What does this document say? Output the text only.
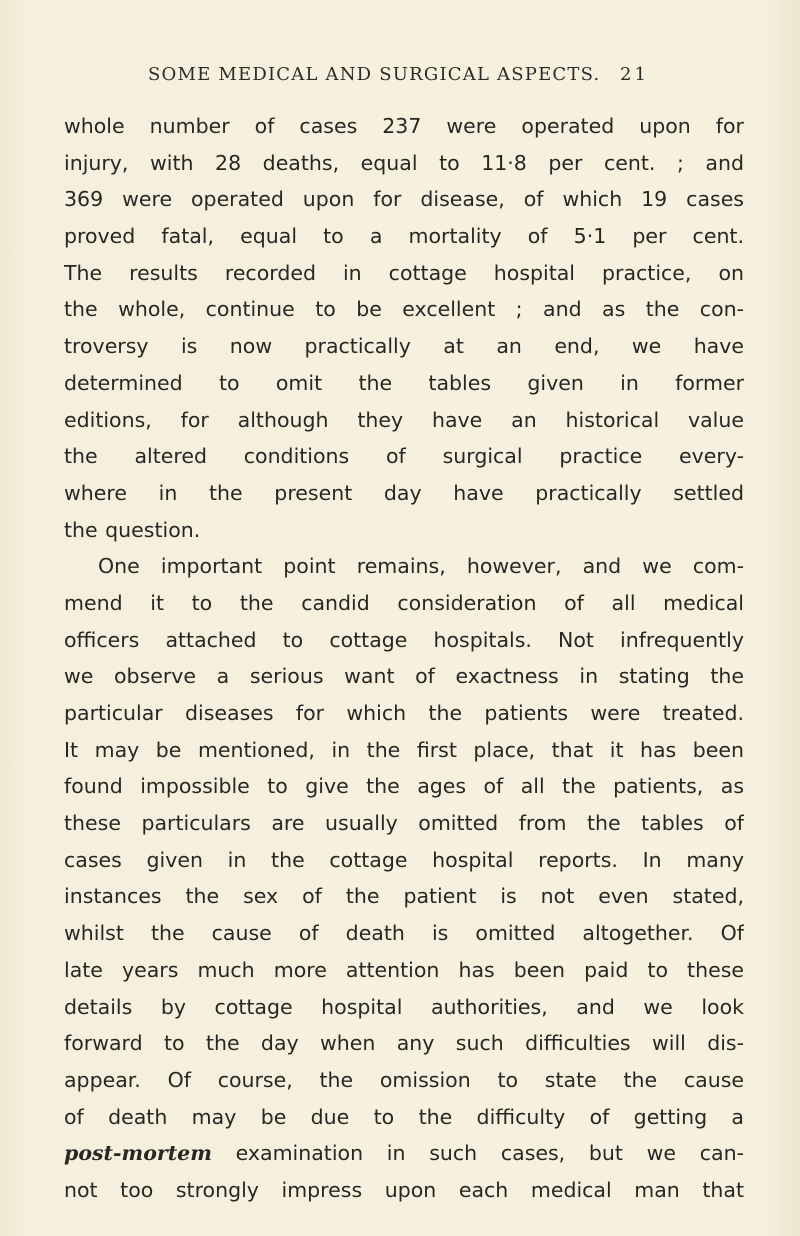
SOME MEDICAL AND SURGICAL ASPECTS. 21
whole number of cases 237 were operated upon for
injury, with 28 deaths, equal to 11·8 per cent. ; and
369 were operated upon for disease, of which 19 cases
proved fatal, equal to a mortality of 5·1 per cent.
The results recorded in cottage hospital practice, on
the whole, continue to be excellent ; and as the con-
troversy is now practically at an end, we have
determined to omit the tables given in former
editions, for although they have an historical value
the altered conditions of surgical practice every-
where in the present day have practically settled
the question.
One important point remains, however, and we com-
mend it to the candid consideration of all medical
officers attached to cottage hospitals. Not infrequently
we observe a serious want of exactness in stating the
particular diseases for which the patients were treated.
It may be mentioned, in the first place, that it has been
found impossible to give the ages of all the patients, as
these particulars are usually omitted from the tables of
cases given in the cottage hospital reports. In many
instances the sex of the patient is not even stated,
whilst the cause of death is omitted altogether. Of
late years much more attention has been paid to these
details by cottage hospital authorities, and we look
forward to the day when any such difficulties will dis-
appear. Of course, the omission to state the cause
of death may be due to the difficulty of getting a
post-mortem examination in such cases, but we can-
not too strongly impress upon each medical man that
